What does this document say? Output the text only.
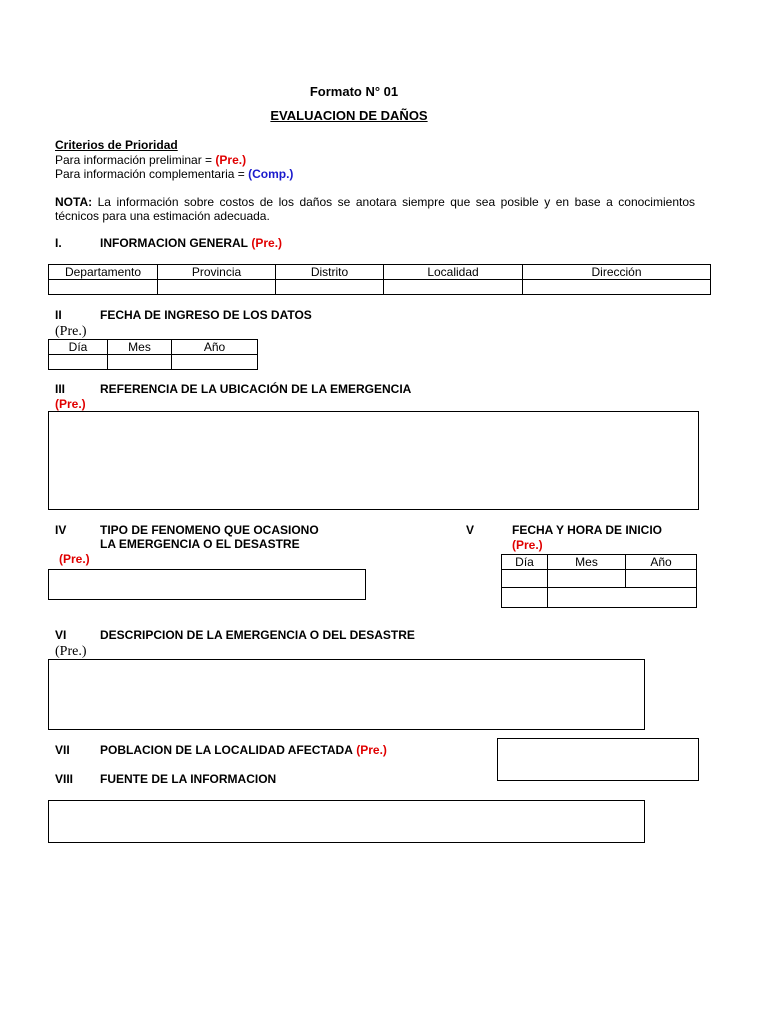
Formato N° 01
EVALUACION DE DAÑOS
Criterios de Prioridad
Para información preliminar = (Pre.)
Para información complementaria = (Comp.)
NOTA: La información sobre costos de los daños se anotara siempre que sea posible y en base a conocimientos técnicos para una estimación adecuada.
I.	INFORMACION GENERAL (Pre.)
Departamento	Provincia	Distrito	Localidad	Dirección

II	FECHA DE INGRESO DE LOS DATOS
(Pre.)
Día	Mes	Año

III	REFERENCIA DE LA UBICACIÓN DE LA EMERGENCIA
(Pre.)
IV	TIPO DE FENOMENO QUE OCASIONO
LA EMERGENCIA O EL DESASTRE
(Pre.)
V	FECHA Y HORA DE INICIO
(Pre.)
Día	Mes	Año

VI	DESCRIPCION DE LA EMERGENCIA O DEL DESASTRE
(Pre.)
VII	POBLACION DE LA LOCALIDAD AFECTADA (Pre.)
VIII FUENTE DE LA INFORMACION
